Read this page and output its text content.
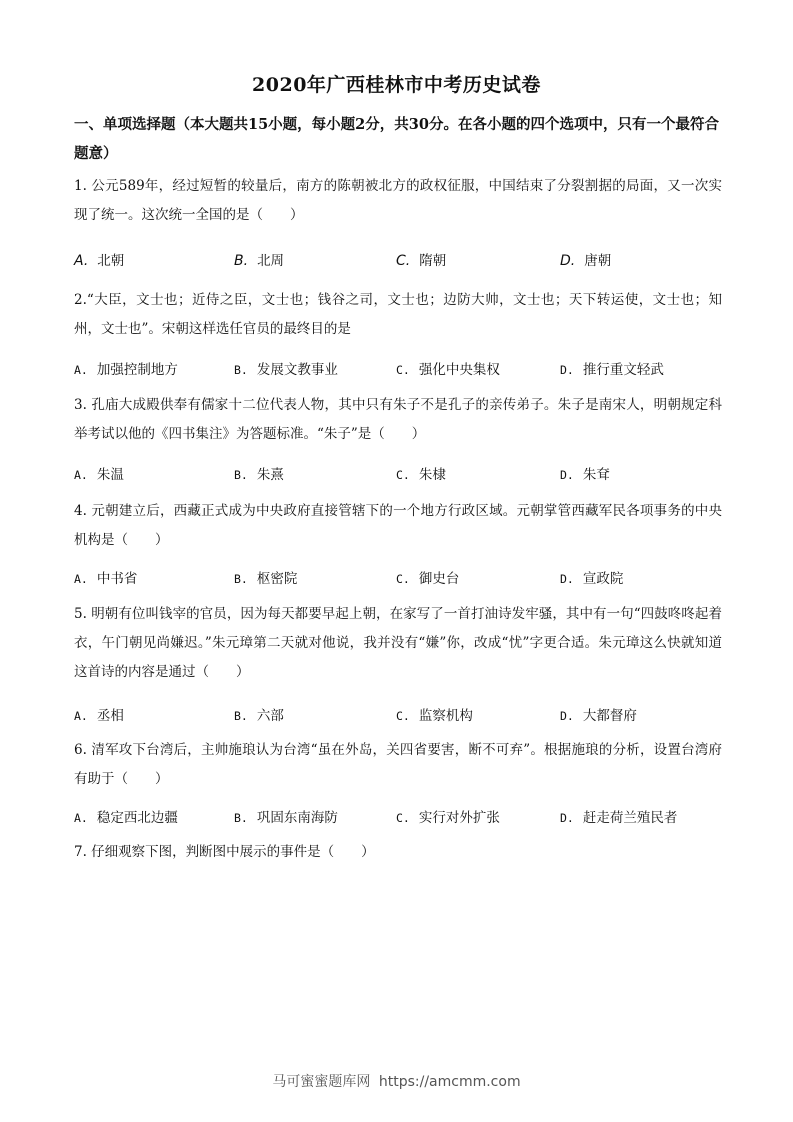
2020年广西桂林市中考历史试卷
一、单项选择题（本大题共15小题，每小题2分，共30分。在各小题的四个选项中，只有一个最符合题意）
1. 公元589年，经过短暂的较量后，南方的陈朝被北方的政权征服，中国结束了分裂割据的局面，又一次实现了统一。这次统一全国的是（　　）
A. 北朝	B. 北周	C. 隋朝	D. 唐朝
2.“大臣，文士也；近侍之臣，文士也；钱谷之司，文士也；边防大帅，文士也；天下转运使，文士也；知州，文士也”。宋朝这样选任官员的最终目的是
A. 加强控制地方	B. 发展文教事业	C. 强化中央集权	D. 推行重文轻武
3. 孔庙大成殿供奉有儒家十二位代表人物，其中只有朱子不是孔子的亲传弟子。朱子是南宋人，明朝规定科举考试以他的《四书集注》为答题标准。“朱子”是（　　）
A. 朱温	B. 朱熹	C. 朱棣	D. 朱耷
4. 元朝建立后，西藏正式成为中央政府直接管辖下的一个地方行政区域。元朝掌管西藏军民各项事务的中央机构是（　　）
A. 中书省	B. 枢密院	C. 御史台	D. 宣政院
5. 明朝有位叫钱宰的官员，因为每天都要早起上朝，在家写了一首打油诗发牢骚，其中有一句“四鼓咚咚起着衣，午门朝见尚嫌迟。”朱元璋第二天就对他说，我并没有“嫌”你，改成“忧”字更合适。朱元璋这么快就知道这首诗的内容是通过（　　）
A. 丞相	B. 六部	C. 监察机构	D. 大都督府
6. 清军攻下台湾后，主帅施琅认为台湾“虽在外岛，关四省要害，断不可弃”。根据施琅的分析，设置台湾府有助于（　　）
A. 稳定西北边疆	B. 巩固东南海防	C. 实行对外扩张	D. 赶走荷兰殖民者
7. 仔细观察下图，判断图中展示的事件是（　　）
马可蜜蜜题库网 https://amcmm.com
